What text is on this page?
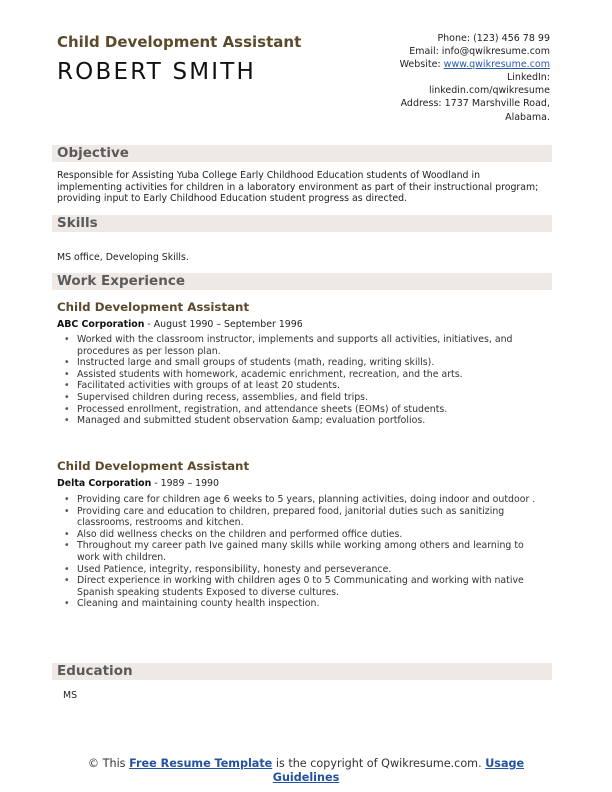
Child Development Assistant
ROBERT SMITH
Phone: (123) 456 78 99
Email: info@qwikresume.com
Website: www.qwikresume.com
LinkedIn:
linkedin.com/qwikresume
Address: 1737 Marshville Road,
Alabama.
Objective
Responsible for Assisting Yuba College Early Childhood Education students of Woodland in implementing activities for children in a laboratory environment as part of their instructional program; providing input to Early Childhood Education student progress as directed.
Skills
MS office, Developing Skills.
Work Experience
Child Development Assistant
ABC Corporation - August 1990 – September 1996
• Worked with the classroom instructor, implements and supports all activities, initiatives, and procedures as per lesson plan.
• Instructed large and small groups of students (math, reading, writing skills).
• Assisted students with homework, academic enrichment, recreation, and the arts.
• Facilitated activities with groups of at least 20 students.
• Supervised children during recess, assemblies, and field trips.
• Processed enrollment, registration, and attendance sheets (EOMs) of students.
• Managed and submitted student observation &amp; evaluation portfolios.
Child Development Assistant
Delta Corporation - 1989 – 1990
• Providing care for children age 6 weeks to 5 years, planning activities, doing indoor and outdoor .
• Providing care and education to children, prepared food, janitorial duties such as sanitizing classrooms, restrooms and kitchen.
• Also did wellness checks on the children and performed office duties.
• Throughout my career path Ive gained many skills while working among others and learning to work with children.
• Used Patience, integrity, responsibility, honesty and perseverance.
• Direct experience in working with children ages 0 to 5 Communicating and working with native Spanish speaking students Exposed to diverse cultures.
• Cleaning and maintaining county health inspection.
Education
MS
© This Free Resume Template is the copyright of Qwikresume.com. Usage
Guidelines
